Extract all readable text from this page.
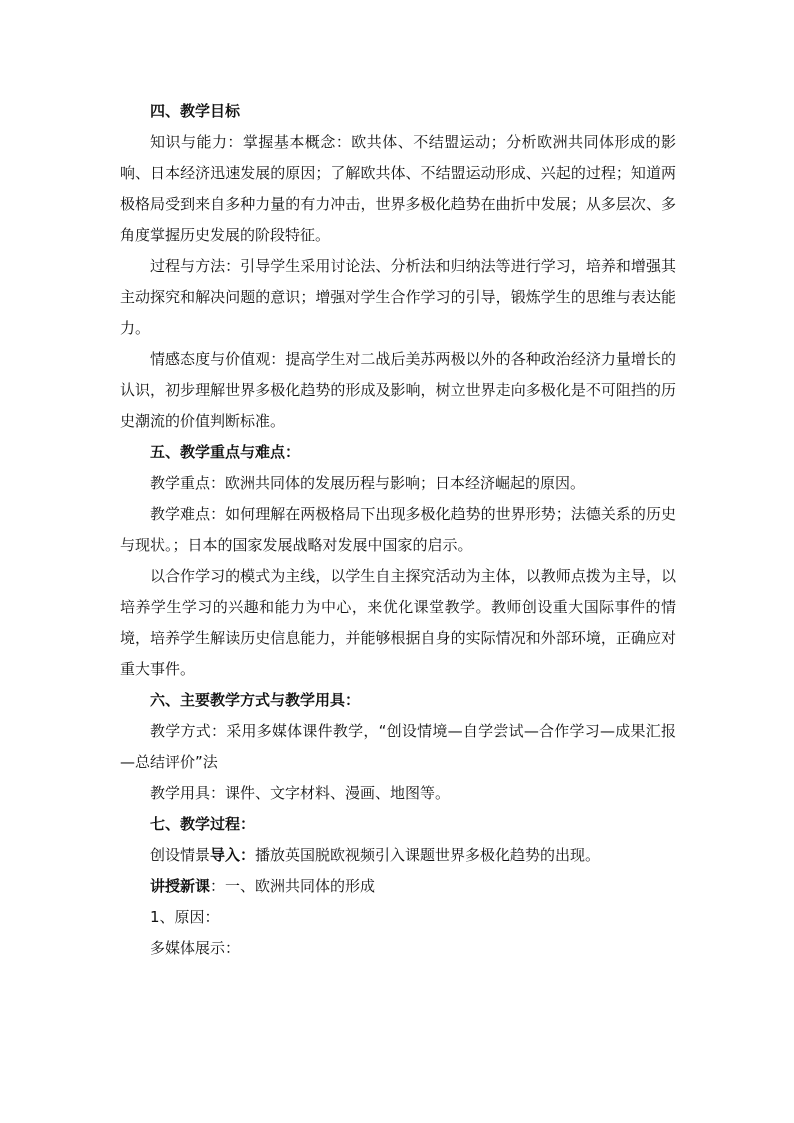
四、教学目标

知识与能力：掌握基本概念：欧共体、不结盟运动；分析欧洲共同体形成的影响、日本经济迅速发展的原因；了解欧共体、不结盟运动形成、兴起的过程；知道两极格局受到来自多种力量的有力冲击，世界多极化趋势在曲折中发展；从多层次、多角度掌握历史发展的阶段特征。

过程与方法：引导学生采用讨论法、分析法和归纳法等进行学习，培养和增强其主动探究和解决问题的意识；增强对学生合作学习的引导，锻炼学生的思维与表达能力。

情感态度与价值观：提高学生对二战后美苏两极以外的各种政治经济力量增长的认识，初步理解世界多极化趋势的形成及影响，树立世界走向多极化是不可阻挡的历史潮流的价值判断标准。

五、教学重点与难点：

教学重点：欧洲共同体的发展历程与影响；日本经济崛起的原因。

教学难点：如何理解在两极格局下出现多极化趋势的世界形势；法德关系的历史与现状。；日本的国家发展战略对发展中国家的启示。

以合作学习的模式为主线，以学生自主探究活动为主体，以教师点拨为主导，以培养学生学习的兴趣和能力为中心，来优化课堂教学。教师创设重大国际事件的情境，培养学生解读历史信息能力，并能够根据自身的实际情况和外部环境，正确应对重大事件。

六、主要教学方式与教学用具：

教学方式：采用多媒体课件教学，“创设情境—自学尝试—合作学习—成果汇报—总结评价”法

教学用具：课件、文字材料、漫画、地图等。

七、教学过程：

创设情景导入：播放英国脱欧视频引入课题世界多极化趋势的出现。

讲授新课：一、欧洲共同体的形成

1、原因：

多媒体展示：
